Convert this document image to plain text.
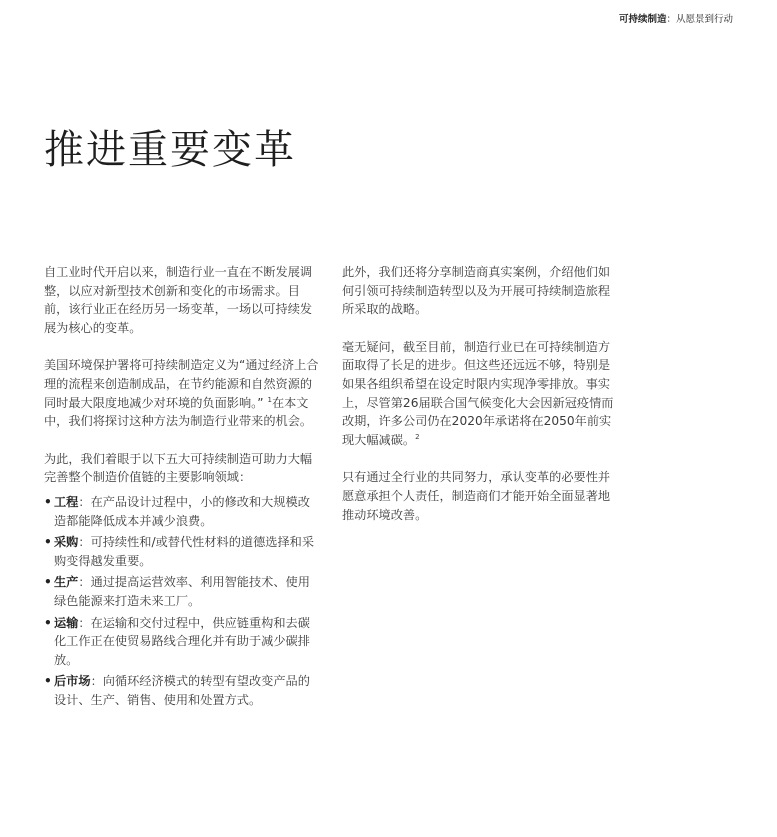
可持续制造：从愿景到行动
推进重要变革

自工业时代开启以来，制造行业一直在不断发展调整，以应对新型技术创新和变化的市场需求。目前，该行业正在经历另一场变革，一场以可持续发展为核心的变革。

美国环境保护署将可持续制造定义为“通过经济上合理的流程来创造制成品，在节约能源和自然资源的同时最大限度地减少对环境的负面影响。” $^1$在本文中，我们将探讨这种方法为制造行业带来的机会。

为此，我们着眼于以下五大可持续制造可助力大幅完善整个制造价值链的主要影响领域：

• 工程：在产品设计过程中，小的修改和大规模改造都能降低成本并减少浪费。
• 采购：可持续性和/或替代性材料的道德选择和采购变得越发重要。
• 生产：通过提高运营效率、利用智能技术、使用绿色能源来打造未来工厂。
• 运输：在运输和交付过程中，供应链重构和去碳化工作正在使贸易路线合理化并有助于减少碳排放。
• 后市场：向循环经济模式的转型有望改变产品的设计、生产、销售、使用和处置方式。

此外，我们还将分享制造商真实案例，介绍他们如何引领可持续制造转型以及为开展可持续制造旅程所采取的战略。

毫无疑问，截至目前，制造行业已在可持续制造方面取得了长足的进步。但这些还远远不够，特别是如果各组织希望在设定时限内实现净零排放。事实上，尽管第26届联合国气候变化大会因新冠疫情而改期，许多公司仍在2020年承诺将在2050年前实现大幅减碳。$^2$

只有通过全行业的共同努力，承认变革的必要性并愿意承担个人责任，制造商们才能开始全面显著地推动环境改善。
